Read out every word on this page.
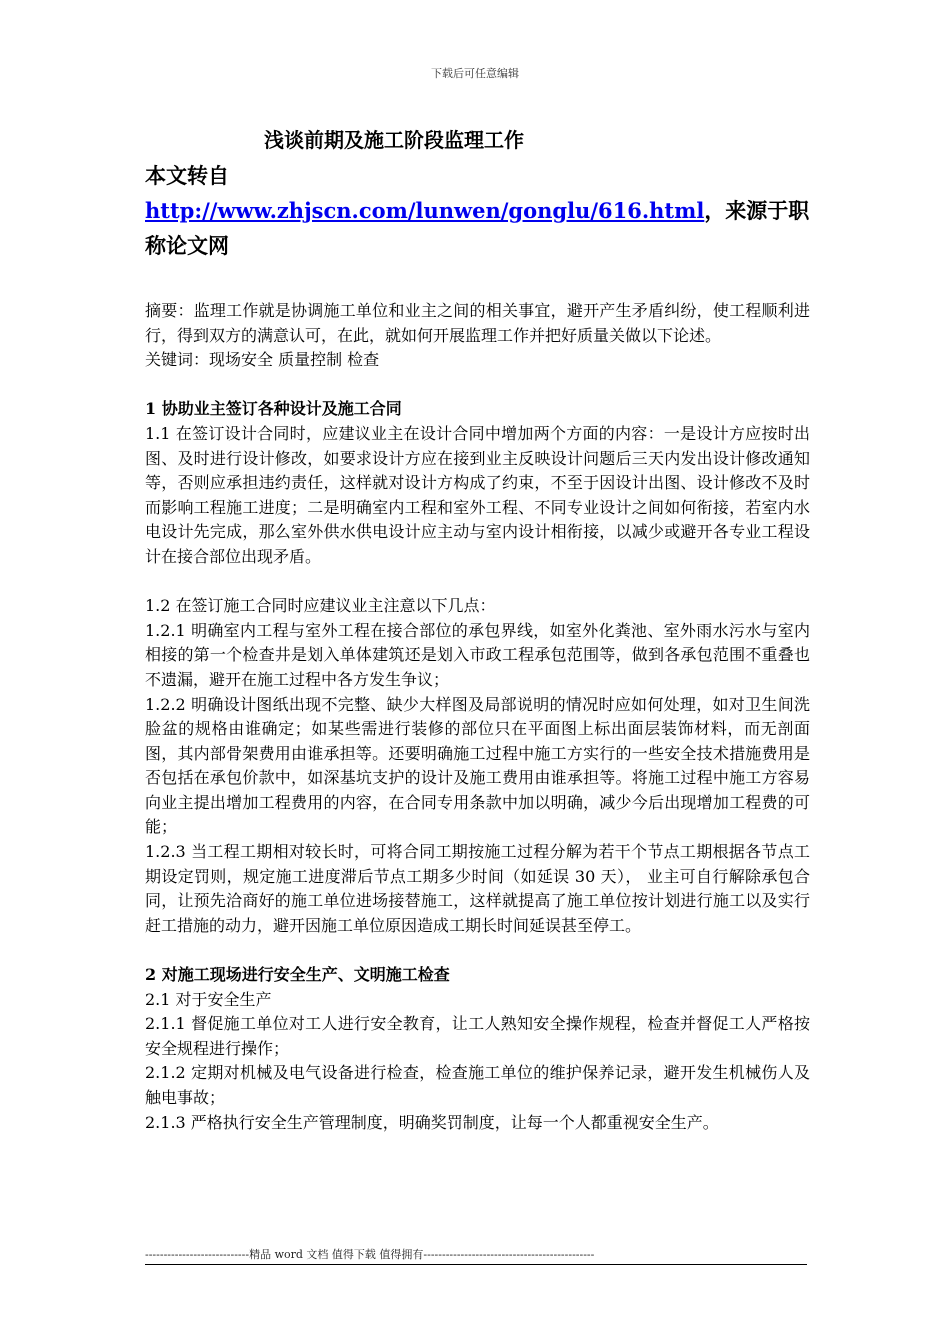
下载后可任意编辑
浅谈前期及施工阶段监理工作
本文转自 http://www.zhjscn.com/lunwen/gonglu/616.html，来源于职称论文网

摘要：监理工作就是协调施工单位和业主之间的相关事宜，避开产生矛盾纠纷，使工程顺利进行，得到双方的满意认可，在此，就如何开展监理工作并把好质量关做以下论述。

关键词：现场安全 质量控制 检查

1 协助业主签订各种设计及施工合同

1.1 在签订设计合同时，应建议业主在设计合同中增加两个方面的内容：一是设计方应按时出图、及时进行设计修改，如要求设计方应在接到业主反映设计问题后三天内发出设计修改通知等，否则应承担违约责任，这样就对设计方构成了约束，不至于因设计出图、设计修改不及时而影响工程施工进度；二是明确室内工程和室外工程、不同专业设计之间如何衔接，若室内水电设计先完成，那么室外供水供电设计应主动与室内设计相衔接，以减少或避开各专业工程设计在接合部位出现矛盾。

1.2 在签订施工合同时应建议业主注意以下几点：

1.2.1 明确室内工程与室外工程在接合部位的承包界线，如室外化粪池、室外雨水污水与室内相接的第一个检查井是划入单体建筑还是划入市政工程承包范围等，做到各承包范围不重叠也不遗漏，避开在施工过程中各方发生争议；

1.2.2 明确设计图纸出现不完整、缺少大样图及局部说明的情况时应如何处理，如对卫生间洗脸盆的规格由谁确定；如某些需进行装修的部位只在平面图上标出面层装饰材料，而无剖面图，其内部骨架费用由谁承担等。还要明确施工过程中施工方实行的一些安全技术措施费用是否包括在承包价款中，如深基坑支护的设计及施工费用由谁承担等。将施工过程中施工方容易向业主提出增加工程费用的内容，在合同专用条款中加以明确，减少今后出现增加工程费的可能；

1.2.3 当工程工期相对较长时，可将合同工期按施工过程分解为若干个节点工期根据各节点工期设定罚则，规定施工进度滞后节点工期多少时间（如延误 30 天）， 业主可自行解除承包合同，让预先洽商好的施工单位进场接替施工，这样就提高了施工单位按计划进行施工以及实行赶工措施的动力，避开因施工单位原因造成工期长时间延误甚至停工。

2 对施工现场进行安全生产、文明施工检查

2.1 对于安全生产

2.1.1 督促施工单位对工人进行安全教育，让工人熟知安全操作规程，检查并督促工人严格按安全规程进行操作；

2.1.2 定期对机械及电气设备进行检查，检查施工单位的维护保养记录，避开发生机械伤人及触电事故；

2.1.3 严格执行安全生产管理制度，明确奖罚制度，让每一个人都重视安全生产。

----------------------------精品 word 文档 值得下载 值得拥有----------------------------------------------
